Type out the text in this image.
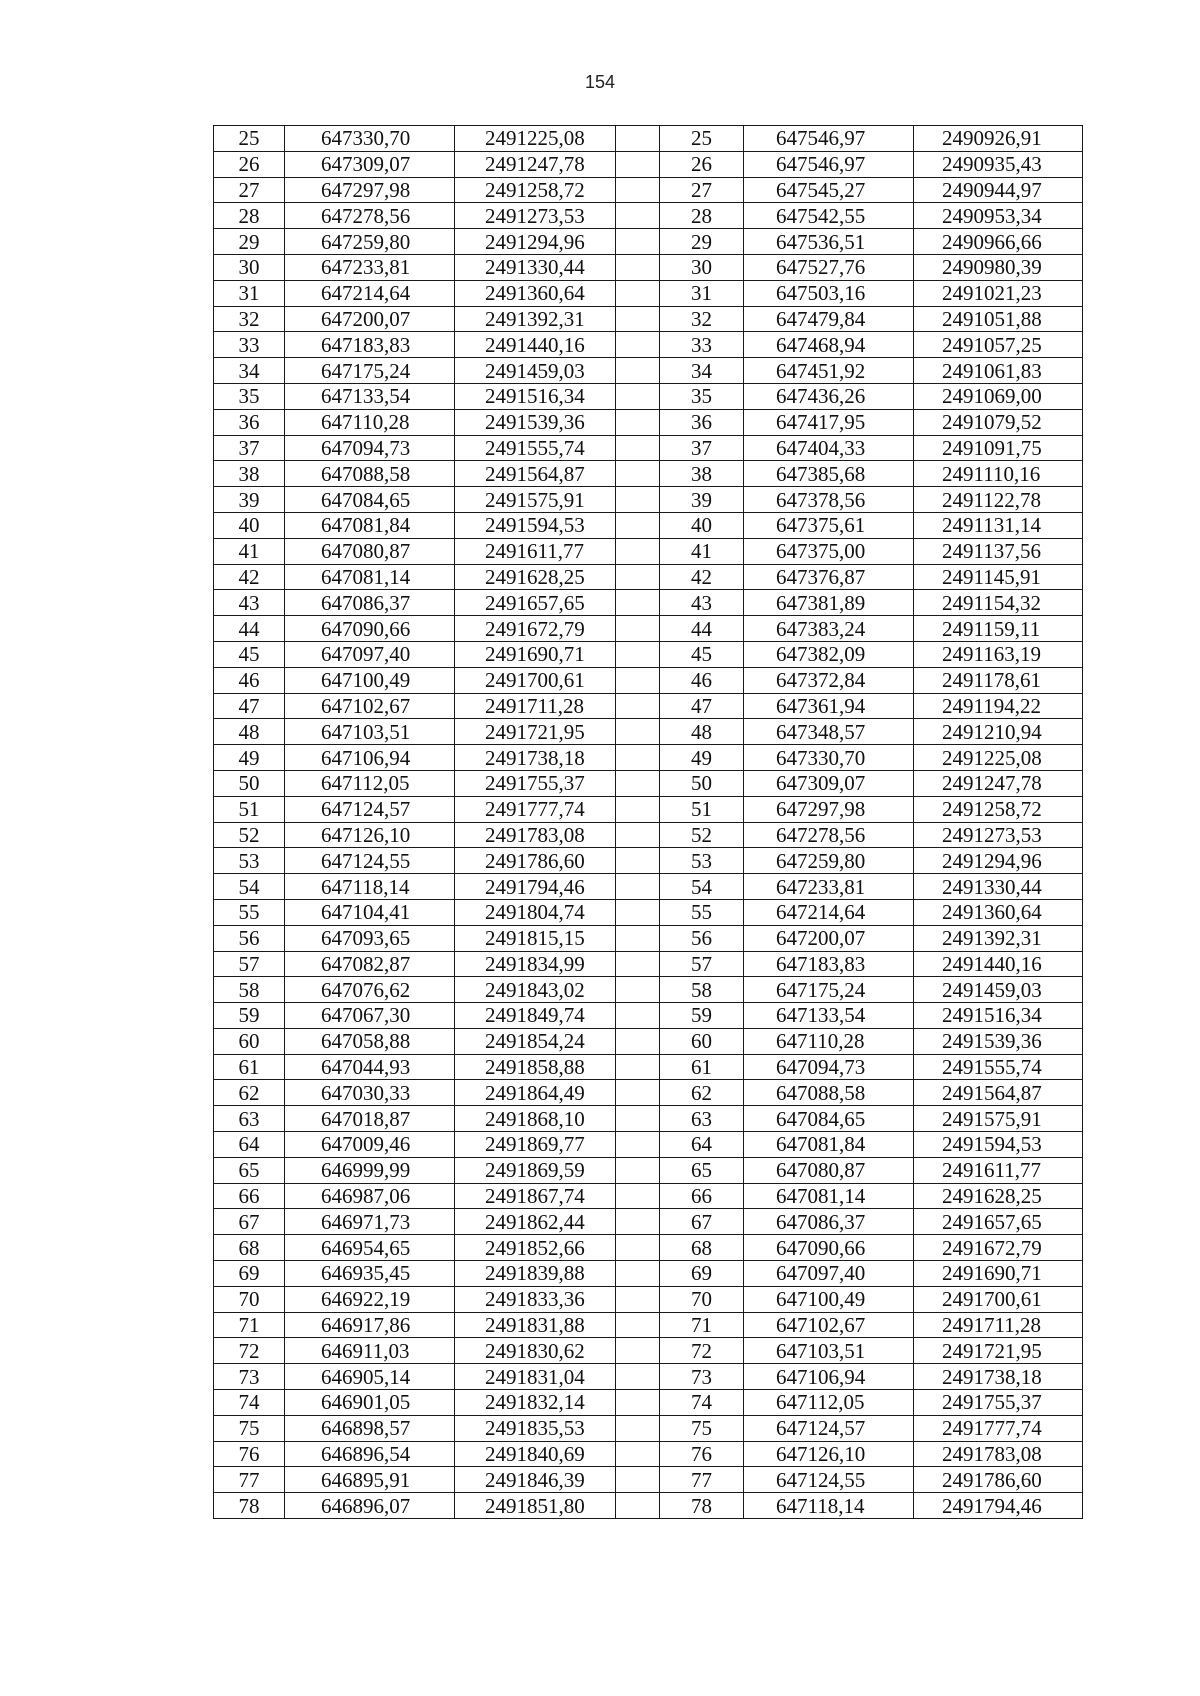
154
25	647330,70	2491225,08		25	647546,97	2490926,91
26	647309,07	2491247,78		26	647546,97	2490935,43
27	647297,98	2491258,72		27	647545,27	2490944,97
28	647278,56	2491273,53		28	647542,55	2490953,34
29	647259,80	2491294,96		29	647536,51	2490966,66
30	647233,81	2491330,44		30	647527,76	2490980,39
31	647214,64	2491360,64		31	647503,16	2491021,23
32	647200,07	2491392,31		32	647479,84	2491051,88
33	647183,83	2491440,16		33	647468,94	2491057,25
34	647175,24	2491459,03		34	647451,92	2491061,83
35	647133,54	2491516,34		35	647436,26	2491069,00
36	647110,28	2491539,36		36	647417,95	2491079,52
37	647094,73	2491555,74		37	647404,33	2491091,75
38	647088,58	2491564,87		38	647385,68	2491110,16
39	647084,65	2491575,91		39	647378,56	2491122,78
40	647081,84	2491594,53		40	647375,61	2491131,14
41	647080,87	2491611,77		41	647375,00	2491137,56
42	647081,14	2491628,25		42	647376,87	2491145,91
43	647086,37	2491657,65		43	647381,89	2491154,32
44	647090,66	2491672,79		44	647383,24	2491159,11
45	647097,40	2491690,71		45	647382,09	2491163,19
46	647100,49	2491700,61		46	647372,84	2491178,61
47	647102,67	2491711,28		47	647361,94	2491194,22
48	647103,51	2491721,95		48	647348,57	2491210,94
49	647106,94	2491738,18		49	647330,70	2491225,08
50	647112,05	2491755,37		50	647309,07	2491247,78
51	647124,57	2491777,74		51	647297,98	2491258,72
52	647126,10	2491783,08		52	647278,56	2491273,53
53	647124,55	2491786,60		53	647259,80	2491294,96
54	647118,14	2491794,46		54	647233,81	2491330,44
55	647104,41	2491804,74		55	647214,64	2491360,64
56	647093,65	2491815,15		56	647200,07	2491392,31
57	647082,87	2491834,99		57	647183,83	2491440,16
58	647076,62	2491843,02		58	647175,24	2491459,03
59	647067,30	2491849,74		59	647133,54	2491516,34
60	647058,88	2491854,24		60	647110,28	2491539,36
61	647044,93	2491858,88		61	647094,73	2491555,74
62	647030,33	2491864,49		62	647088,58	2491564,87
63	647018,87	2491868,10		63	647084,65	2491575,91
64	647009,46	2491869,77		64	647081,84	2491594,53
65	646999,99	2491869,59		65	647080,87	2491611,77
66	646987,06	2491867,74		66	647081,14	2491628,25
67	646971,73	2491862,44		67	647086,37	2491657,65
68	646954,65	2491852,66		68	647090,66	2491672,79
69	646935,45	2491839,88		69	647097,40	2491690,71
70	646922,19	2491833,36		70	647100,49	2491700,61
71	646917,86	2491831,88		71	647102,67	2491711,28
72	646911,03	2491830,62		72	647103,51	2491721,95
73	646905,14	2491831,04		73	647106,94	2491738,18
74	646901,05	2491832,14		74	647112,05	2491755,37
75	646898,57	2491835,53		75	647124,57	2491777,74
76	646896,54	2491840,69		76	647126,10	2491783,08
77	646895,91	2491846,39		77	647124,55	2491786,60
78	646896,07	2491851,80		78	647118,14	2491794,46
